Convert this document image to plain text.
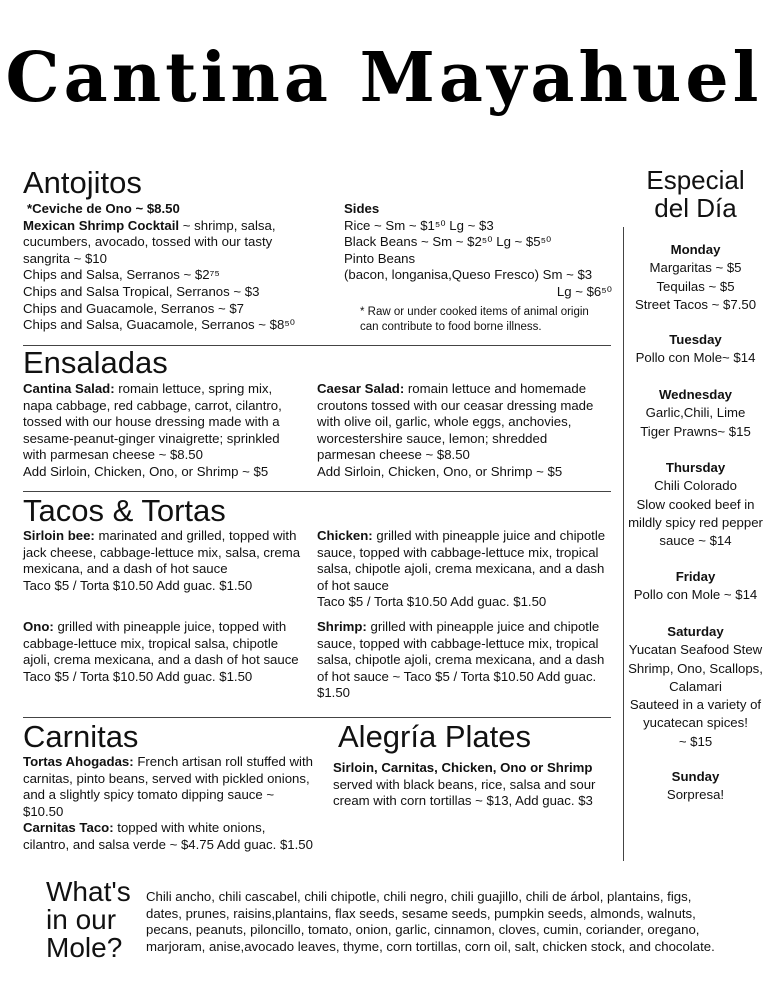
Cantina Mayahuel
Antojitos

*Ceviche de Ono ~ $8.50

Mexican Shrimp Cocktail ~ shrimp, salsa,

cucumbers, avocado, tossed with our tasty

sangrita ~ $10

Chips and Salsa, Serranos ~ $2⁷⁵

Chips and Salsa Tropical, Serranos ~ $3

Chips and Guacamole, Serranos ~ $7

Chips and Salsa, Guacamole, Serranos ~ $8⁵⁰

Sides

Rice ~ Sm ~ $1⁵⁰ Lg ~ $3

Black Beans ~ Sm ~ $2⁵⁰ Lg ~ $5⁵⁰

Pinto Beans

(bacon, longanisa,Queso Fresco) Sm ~ $3

Lg ~ $6⁵⁰

* Raw or under cooked items of animal origin can contribute to food borne illness.
Ensaladas

Cantina Salad: romain lettuce, spring mix, napa cabbage, red cabbage, carrot, cilantro, tossed with our house dressing made with a sesame-peanut-ginger vinaigrette; sprinkled with parmesan cheese ~ $8.50

Add Sirloin, Chicken, Ono, or Shrimp ~ $5

Caesar Salad: romain lettuce and homemade croutons tossed with our ceasar dressing made with olive oil, garlic, whole eggs, anchovies, worcestershire sauce, lemon; shredded parmesan cheese ~ $8.50

Add Sirloin, Chicken, Ono, or Shrimp ~ $5

Tacos & Tortas

Sirloin bee: marinated and grilled, topped with jack cheese, cabbage-lettuce mix, salsa, crema mexicana, and a dash of hot sauce

Taco $5 / Torta $10.50 Add guac. $1.50

Chicken: grilled with pineapple juice and chipotle sauce, topped with cabbage-lettuce mix, tropical salsa, chipotle ajoli, crema mexicana, and a dash of hot sauce

Taco $5 / Torta $10.50 Add guac. $1.50

Ono: grilled with pineapple juice, topped with cabbage-lettuce mix, tropical salsa, chipotle ajoli, crema mexicana, and a dash of hot sauce

Taco $5 / Torta $10.50 Add guac. $1.50

Shrimp: grilled with pineapple juice and chipotle sauce, topped with cabbage-lettuce mix, tropical salsa, chipotle ajoli, crema mexicana, and a dash of hot sauce ~ Taco $5 / Torta $10.50 Add guac. $1.50

Carnitas

Tortas Ahogadas: French artisan roll stuffed with carnitas, pinto beans, served with pickled onions, and a slightly spicy tomato dipping sauce ~ $10.50

Carnitas Taco: topped with white onions, cilantro, and salsa verde ~ $4.75 Add guac. $1.50

Alegría Plates

Sirloin, Carnitas, Chicken, Ono or Shrimp

served with black beans, rice, salsa and sour cream with corn tortillas ~ $13, Add guac. $3

What's
in our
Mole?
Chili ancho, chili cascabel, chili chipotle, chili negro, chili guajillo, chili de árbol, plantains, figs, dates, prunes, raisins,plantains, flax seeds, sesame seeds, pumpkin seeds, almonds, walnuts, pecans, peanuts, piloncillo, tomato, onion, garlic, cinnamon, cloves, cumin, coriander, oregano, marjoram, anise,avocado leaves, thyme, corn tortillas, corn oil, salt, chicken stock, and chocolate.
Especial
del Día
Monday
Margaritas ~ $5
Tequilas ~ $5
Street Tacos ~ $7.50
Tuesday
Pollo con Mole~ $14
Wednesday
Garlic,Chili, Lime
Tiger Prawns~ $15
Thursday
Chili Colorado
Slow cooked beef in
mildly spicy red pepper
sauce ~ $14
Friday
Pollo con Mole ~ $14
Saturday
Yucatan Seafood Stew
Shrimp, Ono, Scallops,
Calamari
Sauteed in a variety of
yucatecan spices!
~ $15
Sunday
Sorpresa!
